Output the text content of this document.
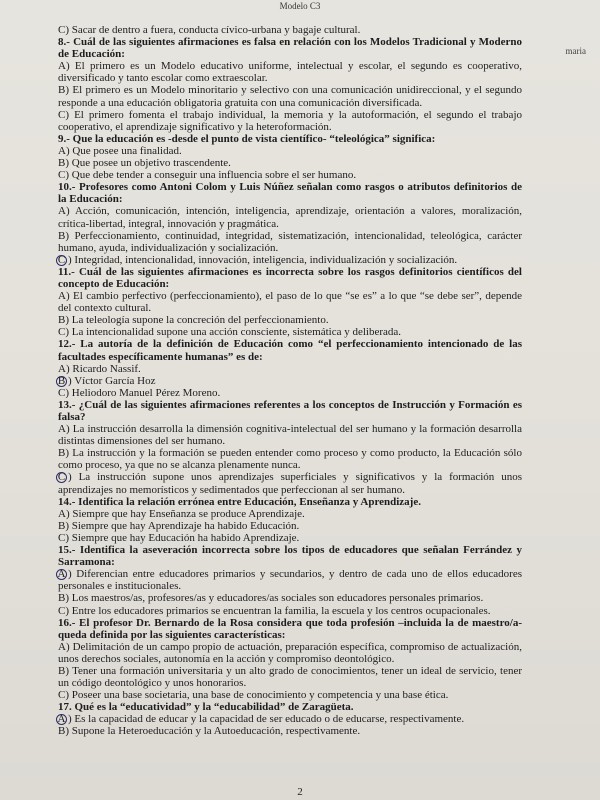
Modelo C3
maria

C) Sacar de dentro a fuera, conducta cívico-urbana y bagaje cultural.

8.- Cuál de las siguientes afirmaciones es falsa en relación con los Modelos Tradicional y Moderno de Educación:

A) El primero es un Modelo educativo uniforme, intelectual y escolar, el segundo es cooperativo, diversificado y tanto escolar como extraescolar.

B) El primero es un Modelo minoritario y selectivo con una comunicación unidireccional, y el segundo responde a una educación obligatoria gratuita con una comunicación diversificada.

C) El primero fomenta el trabajo individual, la memoria y la autoformación, el segundo el trabajo cooperativo, el aprendizaje significativo y la heteroformación.

9.- Que la educación es -desde el punto de vista científico- “teleológica” significa:

A) Que posee una finalidad.

B) Que posee un objetivo trascendente.

C) Que debe tender a conseguir una influencia sobre el ser humano.

10.- Profesores como Antoni Colom y Luis Núñez señalan como rasgos o atributos definitorios de la Educación:

A) Acción, comunicación, intención, inteligencia, aprendizaje, orientación a valores, moralización, crítica-libertad, integral, innovación y pragmática.

B) Perfeccionamiento, continuidad, integridad, sistematización, intencionalidad, teleológica, carácter humano, ayuda, individualización y socialización.

C ) Integridad, intencionalidad, innovación, inteligencia, individualización y socialización.

11.- Cuál de las siguientes afirmaciones es incorrecta sobre los rasgos definitorios científicos del concepto de Educación:

A) El cambio perfectivo (perfeccionamiento), el paso de lo que “se es” a lo que “se debe ser”, depende del contexto cultural.

B) La teleología supone la concreción del perfeccionamiento.

C) La intencionalidad supone una acción consciente, sistemática y deliberada.

12.- La autoría de la definición de Educación como “el perfeccionamiento intencionado de las facultades específicamente humanas” es de:

A) Ricardo Nassif.

B ) Víctor García Hoz

C) Heliodoro Manuel Pérez Moreno.

13.- ¿Cuál de las siguientes afirmaciones referentes a los conceptos de Instrucción y Formación es falsa?

A) La instrucción desarrolla la dimensión cognitiva-intelectual del ser humano y la formación desarrolla distintas dimensiones del ser humano.

B) La instrucción y la formación se pueden entender como proceso y como producto, la Educación sólo como proceso, ya que no se alcanza plenamente nunca.

C ) La instrucción supone unos aprendizajes superficiales y significativos y la formación unos aprendizajes no memorísticos y sedimentados que perfeccionan al ser humano.

14.- Identifica la relación errónea entre Educación, Enseñanza y Aprendizaje.

A) Siempre que hay Enseñanza se produce Aprendizaje.

B) Siempre que hay Aprendizaje ha habido Educación.

C) Siempre que hay Educación ha habido Aprendizaje.

15.- Identifica la aseveración incorrecta sobre los tipos de educadores que señalan Ferrández y Sarramona:

A ) Diferencian entre educadores primarios y secundarios, y dentro de cada uno de ellos educadores personales e institucionales.

B) Los maestros/as, profesores/as y educadores/as sociales son educadores personales primarios.

C) Entre los educadores primarios se encuentran la familia, la escuela y los centros ocupacionales.

16.- El profesor Dr. Bernardo de la Rosa considera que toda profesión –incluida la de maestro/a- queda definida por las siguientes características:

A) Delimitación de un campo propio de actuación, preparación específica, compromiso de actualización, unos derechos sociales, autonomía en la acción y compromiso deontológico.

B) Tener una formación universitaria y un alto grado de conocimientos, tener un ideal de servicio, tener un código deontológico y unos honorarios.

C) Poseer una base societaria, una base de conocimiento y competencia y una base ética.

17. Qué es la “educatividad” y la “educabilidad” de Zaragüeta.

A ) Es la capacidad de educar y la capacidad de ser educado o de educarse, respectivamente.

B) Supone la Heteroeducación y la Autoeducación, respectivamente.

2
